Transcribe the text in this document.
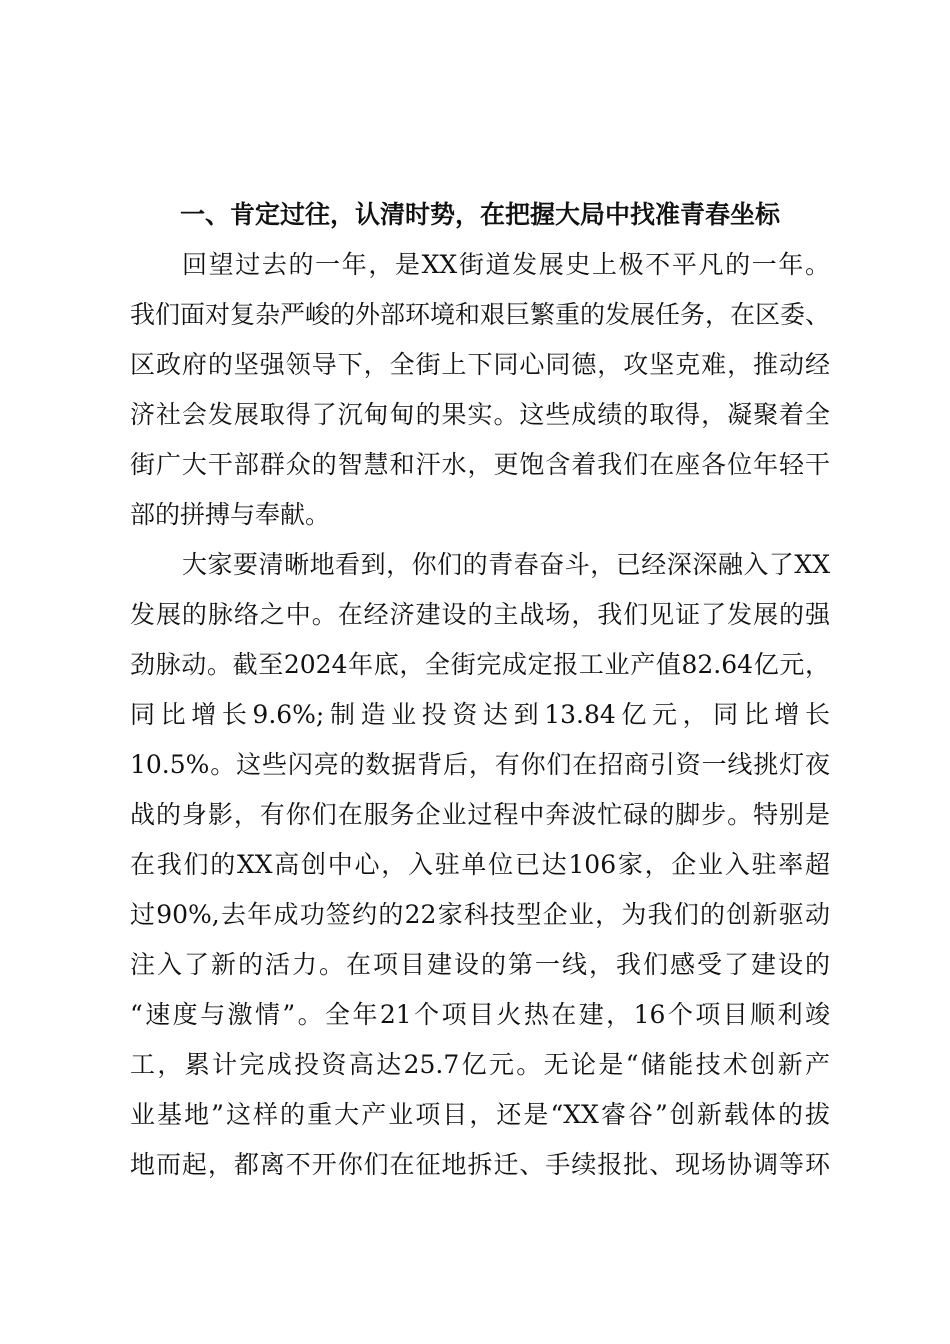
一、肯定过往，认清时势，在把握大局中找准青春坐标
回望过去的一年，是XX街道发展史上极不平凡的一年。
我们面对复杂严峻的外部环境和艰巨繁重的发展任务，在区委、
区政府的坚强领导下，全街上下同心同德，攻坚克难，推动经
济社会发展取得了沉甸甸的果实。这些成绩的取得，凝聚着全
街广大干部群众的智慧和汗水，更饱含着我们在座各位年轻干
部的拼搏与奉献。
大家要清晰地看到，你们的青春奋斗，已经深深融入了XX
发展的脉络之中。在经济建设的主战场，我们见证了发展的强
劲脉动。截至2024年底，全街完成定报工业产值82.64亿元，
同比增长9.6%;制造业投资达到13.84亿元，同比增长
10.5%。这些闪亮的数据背后，有你们在招商引资一线挑灯夜
战的身影，有你们在服务企业过程中奔波忙碌的脚步。特别是
在我们的XX高创中心，入驻单位已达106家，企业入驻率超
过90%,去年成功签约的22家科技型企业，为我们的创新驱动
注入了新的活力。在项目建设的第一线，我们感受了建设的
“速度与激情”。全年21个项目火热在建，16个项目顺利竣
工，累计完成投资高达25.7亿元。无论是“储能技术创新产
业基地”这样的重大产业项目，还是“XX睿谷”创新载体的拔
地而起，都离不开你们在征地拆迁、手续报批、现场协调等环
